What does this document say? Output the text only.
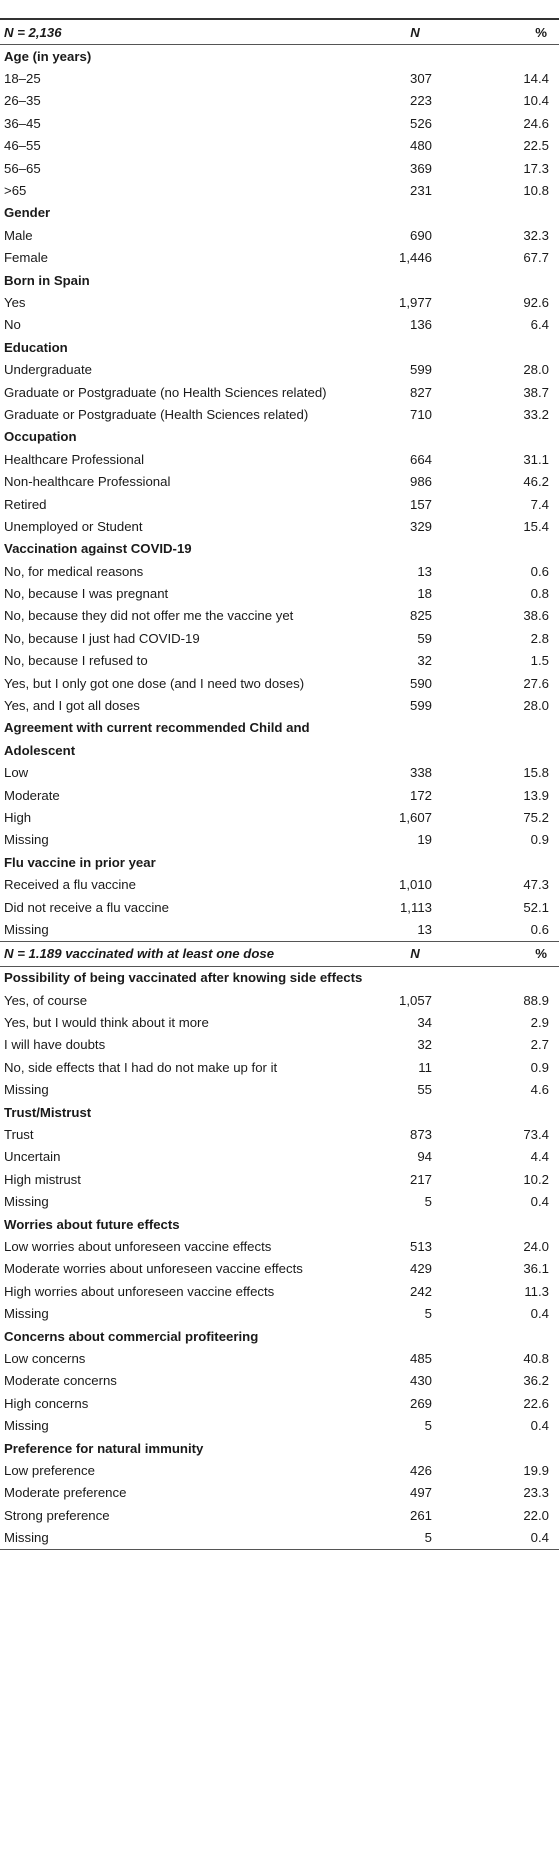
N = 2,136	N	%
Age (in years)		
18–25	307	14.4
26–35	223	10.4
36–45	526	24.6
46–55	480	22.5
56–65	369	17.3
>65	231	10.8
Gender		
Male	690	32.3
Female	1,446	67.7
Born in Spain		
Yes	1,977	92.6
No	136	6.4
Education		
Undergraduate	599	28.0
Graduate or Postgraduate (no Health Sciences related)	827	38.7
Graduate or Postgraduate (Health Sciences related)	710	33.2
Occupation		
Healthcare Professional	664	31.1
Non-healthcare Professional	986	46.2
Retired	157	7.4
Unemployed or Student	329	15.4
Vaccination against COVID-19		
No, for medical reasons	13	0.6
No, because I was pregnant	18	0.8
No, because they did not offer me the vaccine yet	825	38.6
No, because I just had COVID-19	59	2.8
No, because I refused to	32	1.5
Yes, but I only got one dose (and I need two doses)	590	27.6
Yes, and I got all doses	599	28.0
Agreement with current recommended Child and		
Adolescent		
Low	338	15.8
Moderate	172	13.9
High	1,607	75.2
Missing	19	0.9
Flu vaccine in prior year		
Received a flu vaccine	1,010	47.3
Did not receive a flu vaccine	1,113	52.1
Missing	13	0.6
N = 1.189 vaccinated with at least one dose	N	%
Possibility of being vaccinated after knowing side effects		
Yes, of course	1,057	88.9
Yes, but I would think about it more	34	2.9
I will have doubts	32	2.7
No, side effects that I had do not make up for it	11	0.9
Missing	55	4.6
Trust/Mistrust		
Trust	873	73.4
Uncertain	94	4.4
High mistrust	217	10.2
Missing	5	0.4
Worries about future effects		
Low worries about unforeseen vaccine effects	513	24.0
Moderate worries about unforeseen vaccine effects	429	36.1
High worries about unforeseen vaccine effects	242	11.3
Missing	5	0.4
Concerns about commercial profiteering		
Low concerns	485	40.8
Moderate concerns	430	36.2
High concerns	269	22.6
Missing	5	0.4
Preference for natural immunity		
Low preference	426	19.9
Moderate preference	497	23.3
Strong preference	261	22.0
Missing	5	0.4
